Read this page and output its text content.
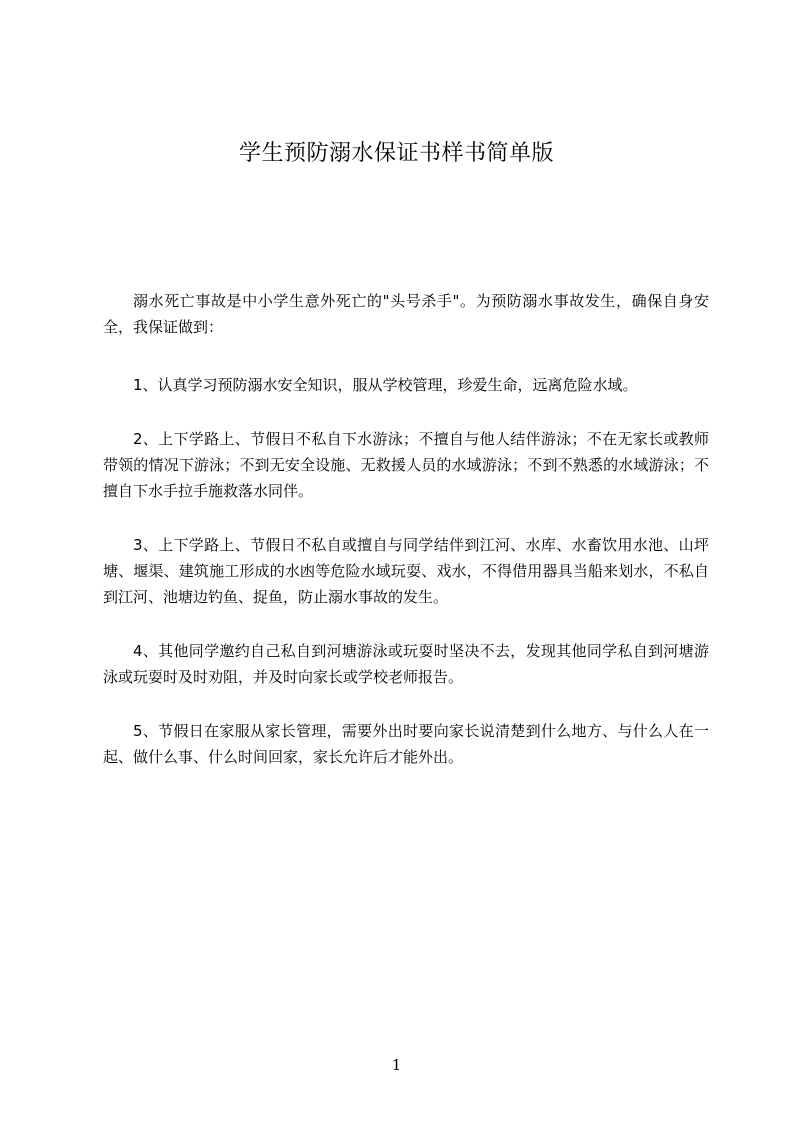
学生预防溺水保证书样书简单版

溺水死亡事故是中小学生意外死亡的"头号杀手"。为预防溺水事故发生，确保自身安全，我保证做到：

1、认真学习预防溺水安全知识，服从学校管理，珍爱生命，远离危险水域。

2、上下学路上、节假日不私自下水游泳；不擅自与他人结伴游泳；不在无家长或教师带领的情况下游泳；不到无安全设施、无救援人员的水域游泳；不到不熟悉的水域游泳；不擅自下水手拉手施救落水同伴。

3、上下学路上、节假日不私自或擅自与同学结伴到江河、水库、水畜饮用水池、山坪塘、堰渠、建筑施工形成的水凼等危险水域玩耍、戏水，不得借用器具当船来划水，不私自到江河、池塘边钓鱼、捉鱼，防止溺水事故的发生。

4、其他同学邀约自己私自到河塘游泳或玩耍时坚决不去，发现其他同学私自到河塘游泳或玩耍时及时劝阻，并及时向家长或学校老师报告。

5、节假日在家服从家长管理，需要外出时要向家长说清楚到什么地方、与什么人在一起、做什么事、什么时间回家，家长允许后才能外出。

1
